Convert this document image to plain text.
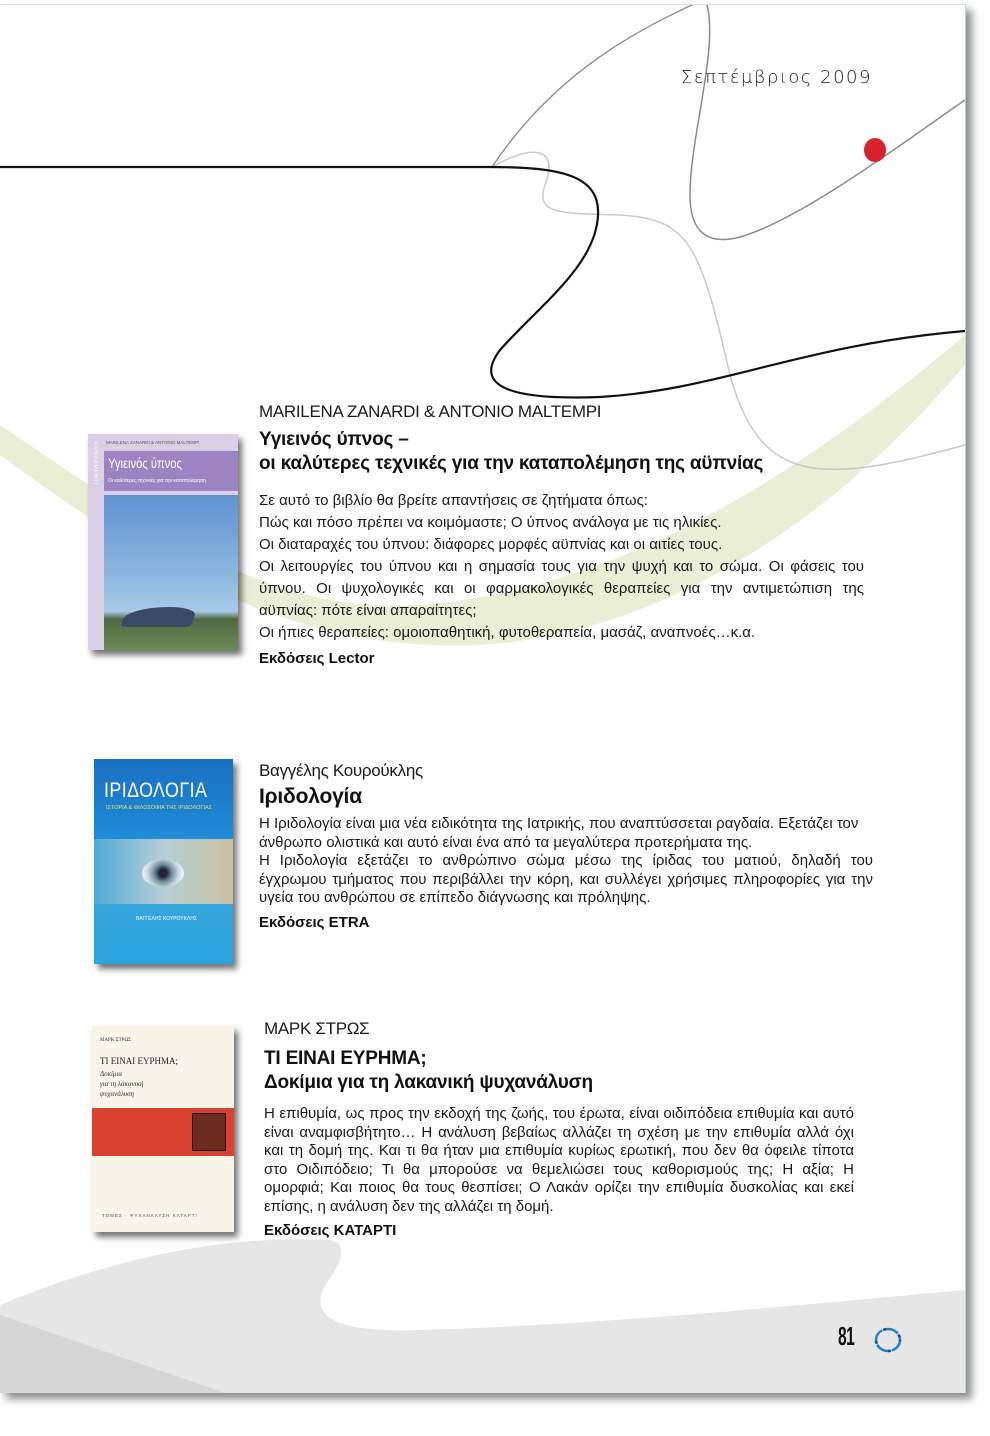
Σεπτέμβριος 2009
FONDAMENTI MARILENA ZANARDI & ANTONIO MALTEMPI
Υγιεινός ύπνος
Οι καλύτερες τεχνικές για την καταπολέμηση
MARILENA ZANARDI & ANTONIO MALTEMPI
Υγιεινός ύπνος –
οι καλύτερες τεχνικές για την καταπολέμηση της αϋπνίας

Σε αυτό το βιβλίο θα βρείτε απαντήσεις σε ζητήματα όπως:

Πώς και πόσο πρέπει να κοιμόμαστε; Ο ύπνος ανάλογα με τις ηλικίες.

Οι διαταραχές του ύπνου: διάφορες μορφές αϋπνίας και οι αιτίες τους.

Οι λειτουργίες του ύπνου και η σημασία τους για την ψυχή και το σώμα. Οι φάσεις του ύπνου. Οι ψυχολογικές και οι φαρμακολογικές θεραπείες για την αντιμετώπιση της αϋπνίας: πότε είναι απαραίτητες;

Οι ήπιες θεραπείες: ομοιοπαθητική, φυτοθεραπεία, μασάζ, αναπνοές…κ.α.

Εκδόσεις Lector
ΙΡΙΔΟΛΟΓΙΑ
ΙΣΤΟΡΙΑ & ΦΙΛΟΣΟΦΙΑ ΤΗΣ ΙΡΙΔΟΛΟΓΙΑΣ
ΒΑΓΓΕΛΗΣ ΚΟΥΡΟΥΚΛΗΣ
Βαγγέλης Κουρούκλης
Ιριδολογία

Η Ιριδολογία είναι μια νέα ειδικότητα της Ιατρικής, που αναπτύσσεται ραγδαία. Εξετάζει τον άνθρωπο ολιστικά και αυτό είναι ένα από τα μεγαλύτερα προτερήματα της.

Η Ιριδολογία εξετάζει το ανθρώπινο σώμα μέσω της ίριδας του ματιού, δηλαδή του έγχρωμου τμήματος που περιβάλλει την κόρη, και συλλέγει χρήσιμες πληροφορίες για την υγεία του ανθρώπου σε επίπεδο διάγνωσης και πρόληψης.

Εκδόσεις ETRA
ΜΑΡΚ ΣΤΡΩΣ
ΤΙ ΕΙΝΑΙ ΕΥΡΗΜΑ;
Δοκίμια
για τη λακανική
ψυχανάλυση
ΤΟΜΕΣ · ΨΥΧΑΝΑΛΥΣΗ ΚΑΤΑΡΤΙ
ΜΑΡΚ ΣΤΡΩΣ
ΤΙ ΕΙΝΑΙ ΕΥΡΗΜΑ;
Δοκίμια για τη λακανική ψυχανάλυση

Η επιθυμία, ως προς την εκδοχή της ζωής, του έρωτα, είναι οιδιπόδεια επιθυμία και αυτό είναι αναμφισβήτητο… Η ανάλυση βεβαίως αλλάζει τη σχέση με την επιθυμία αλλά όχι και τη δομή της. Και τι θα ήταν μια επιθυμία κυρίως ερωτική, που δεν θα όφειλε τίποτα στο Οιδιπόδειο; Τι θα μπορούσε να θεμελιώσει τους καθορισμούς της; Η αξία; Η ομορφιά; Και ποιος θα τους θεσπίσει; Ο Λακάν ορίζει την επιθυμία δυσκολίας και εκεί επίσης, η ανάλυση δεν της αλλάζει τη δομή.

Εκδόσεις ΚΑΤΑΡΤΙ
81
